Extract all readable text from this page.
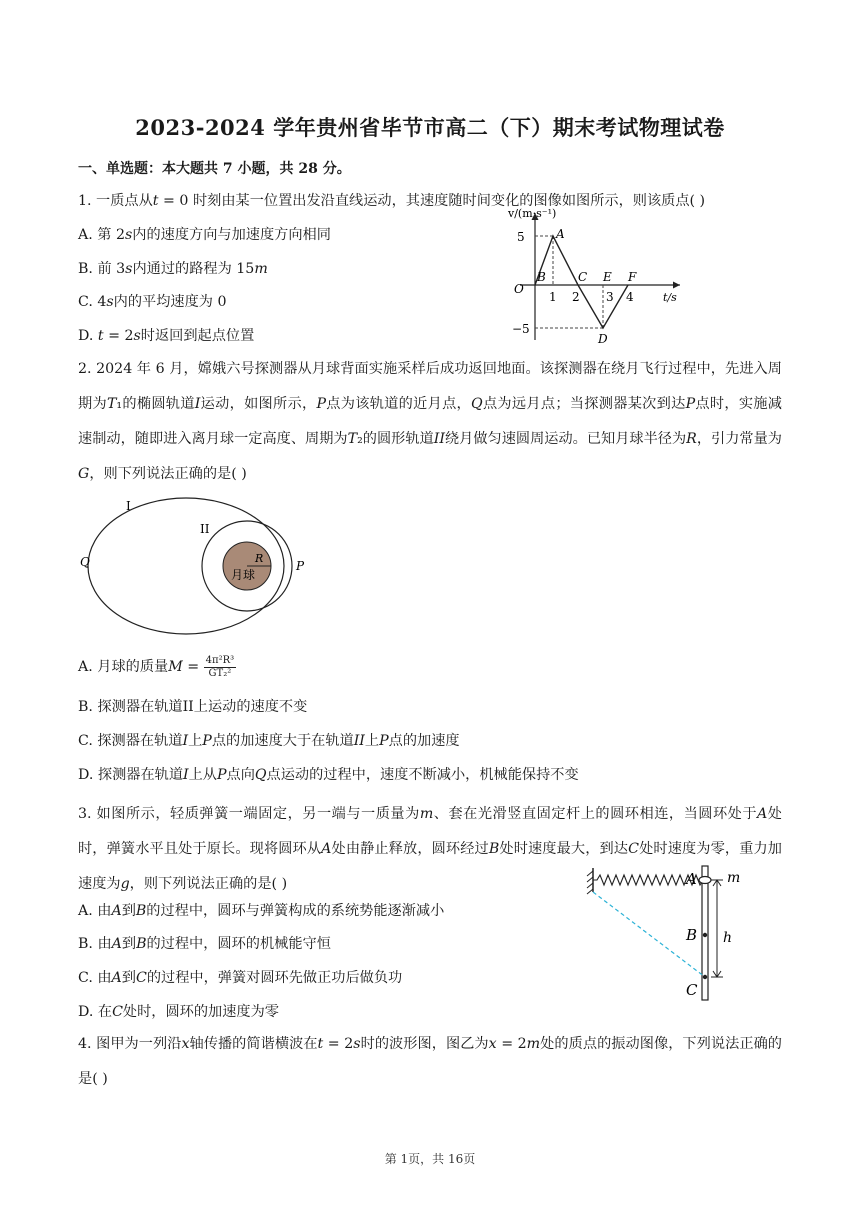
2023-2024 学年贵州省毕节市高二（下）期末考试物理试卷
一、单选题：本大题共 7 小题，共 28 分。
1. 一质点从𝑡 = 0 时刻由某一位置出发沿直线运动，其速度随时间变化的图像如图所示，则该质点( )
A. 第 2𝑠内的速度方向与加速度方向相同
B. 前 3𝑠内通过的路程为 15𝑚
C. 4𝑠内的平均速度为 0
D. 𝑡 = 2𝑠时返回到起点位置
v/(m·s⁻¹)
t/s
5
−5
O
1 2 3 4
A
B	C
D
E F
2. 2024 年 6 月，嫦娥六号探测器从月球背面实施采样后成功返回地面。该探测器在绕月飞行过程中，先进入周期为𝑇₁的椭圆轨道𝐼运动，如图所示，𝑃点为该轨道的近月点，𝑄点为远月点；当探测器某次到达𝑃点时，实施减速制动，随即进入离月球一定高度、周期为𝑇₂的圆形轨道𝐼𝐼绕月做匀速圆周运动。已知月球半径为𝑅，引力常量为𝐺，则下列说法正确的是( )
I
II
Q	P
R
月球
A. 月球的质量𝑀 = $\frac{\text{4π²R³}}{\text{GT₂²}}$
B. 探测器在轨道II上运动的速度不变
C. 探测器在轨道𝐼上𝑃点的加速度大于在轨道𝐼𝐼上𝑃点的加速度
D. 探测器在轨道𝐼上从𝑃点向𝑄点运动的过程中，速度不断减小，机械能保持不变
3. 如图所示，轻质弹簧一端固定，另一端与一质量为𝑚、套在光滑竖直固定杆上的圆环相连，当圆环处于𝐴处时，弹簧水平且处于原长。现将圆环从𝐴处由静止释放，圆环经过𝐵处时速度最大，到达𝐶处时速度为零，重力加速度为𝑔，则下列说法正确的是( )
A. 由𝐴到𝐵的过程中，圆环与弹簧构成的系统势能逐渐减小
B. 由𝐴到𝐵的过程中，圆环的机械能守恒
C. 由𝐴到𝐶的过程中，弹簧对圆环先做正功后做负功
D. 在𝐶处时，圆环的加速度为零
A
B
C
m
h
4. 图甲为一列沿𝑥轴传播的简谐横波在𝑡 = 2𝑠时的波形图，图乙为𝑥 = 2𝑚处的质点的振动图像，下列说法正确的是( )
第 1页，共 16页
